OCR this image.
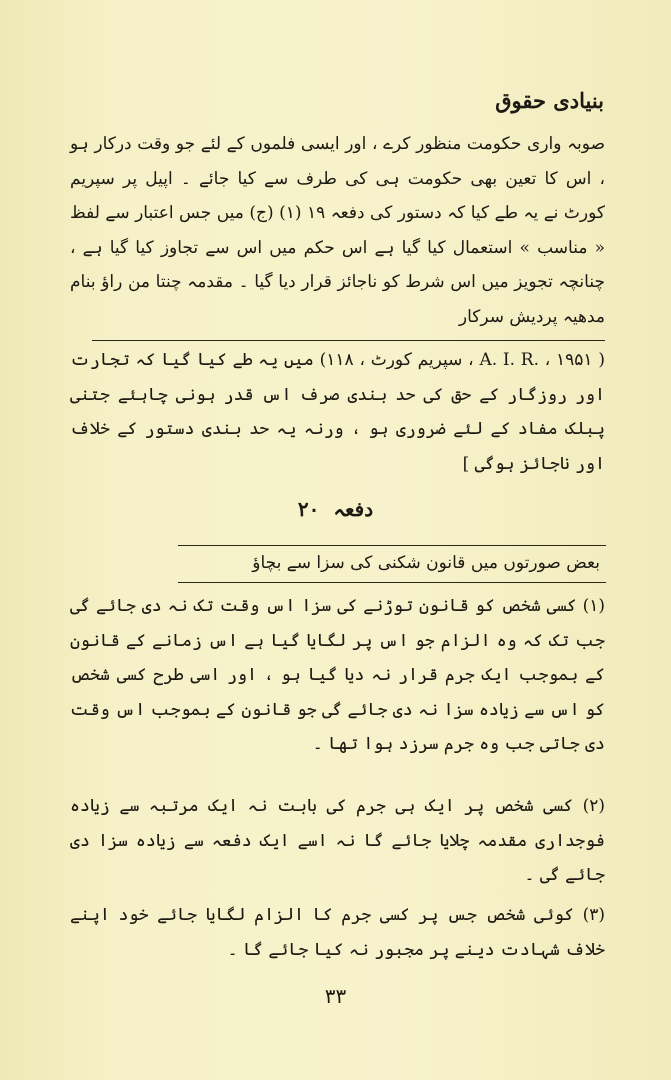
بنیادی حقوق

صوبہ واری حکومت منظور کرے ، اور ایسی فلموں کے لئے جو وقت درکار ہو ، اس کا تعین بھی حکومت ہی کی طرف سے کیا جائے ۔ اپیل پر سپریم کورٹ نے یہ طے کیا کہ دستور کی دفعہ ۱۹ (۱) (ج) میں جس اعتبار سے لفظ « مناسب » استعمال کیا گیا ہے اس حکم میں اس سے تجاوز کیا گیا ہے ، چنانچہ تجویز میں اس شرط کو ناجائز قرار دیا گیا ۔ مقدمہ چنتا من راؤ بنام مدھیہ پردیش سرکار

( A. I. R. ، ۱۹۵۱ ، سپریم کورٹ ، ۱۱۸) میں یہ طے کیا گیا کہ تجارت اور روزگار کے حق کی حد بندی صرف اس قدر ہونی چاہئے جتنی پبلک مفاد کے لئے ضروری ہو ، ورنہ یہ حد بندی دستور کے خلاف اور ناجائز ہوگی ]

دفعہ۲۰
بعض صورتوں میں قانون شکنی کی سزا سے بچاؤ

(۱) کسی شخص کو قانون توڑنے کی سزا اس وقت تک نہ دی جائے گی جب تک کہ وہ الزام جو اس پر لگایا گیا ہے اس زمانے کے قانون کے بموجب ایک جرم قرار نہ دیا گیا ہو ، اور اسی طرح کسی شخص کو اس سے زیادہ سزا نہ دی جائے گی جو قانون کے بموجب اس وقت دی جاتی جب وہ جرم سرزد ہوا تھا ۔

(۲) کسی شخص پر ایک ہی جرم کی بابت نہ ایک مرتبہ سے زیادہ فوجداری مقدمہ چلایا جائے گا نہ اسے ایک دفعہ سے زیادہ سزا دی جائے گی ۔

(۳) کوئی شخص جس پر کسی جرم کا الزام لگایا جائے خود اپنے خلاف شہادت دینے پر مجبور نہ کیا جائے گا ۔

۳۳
